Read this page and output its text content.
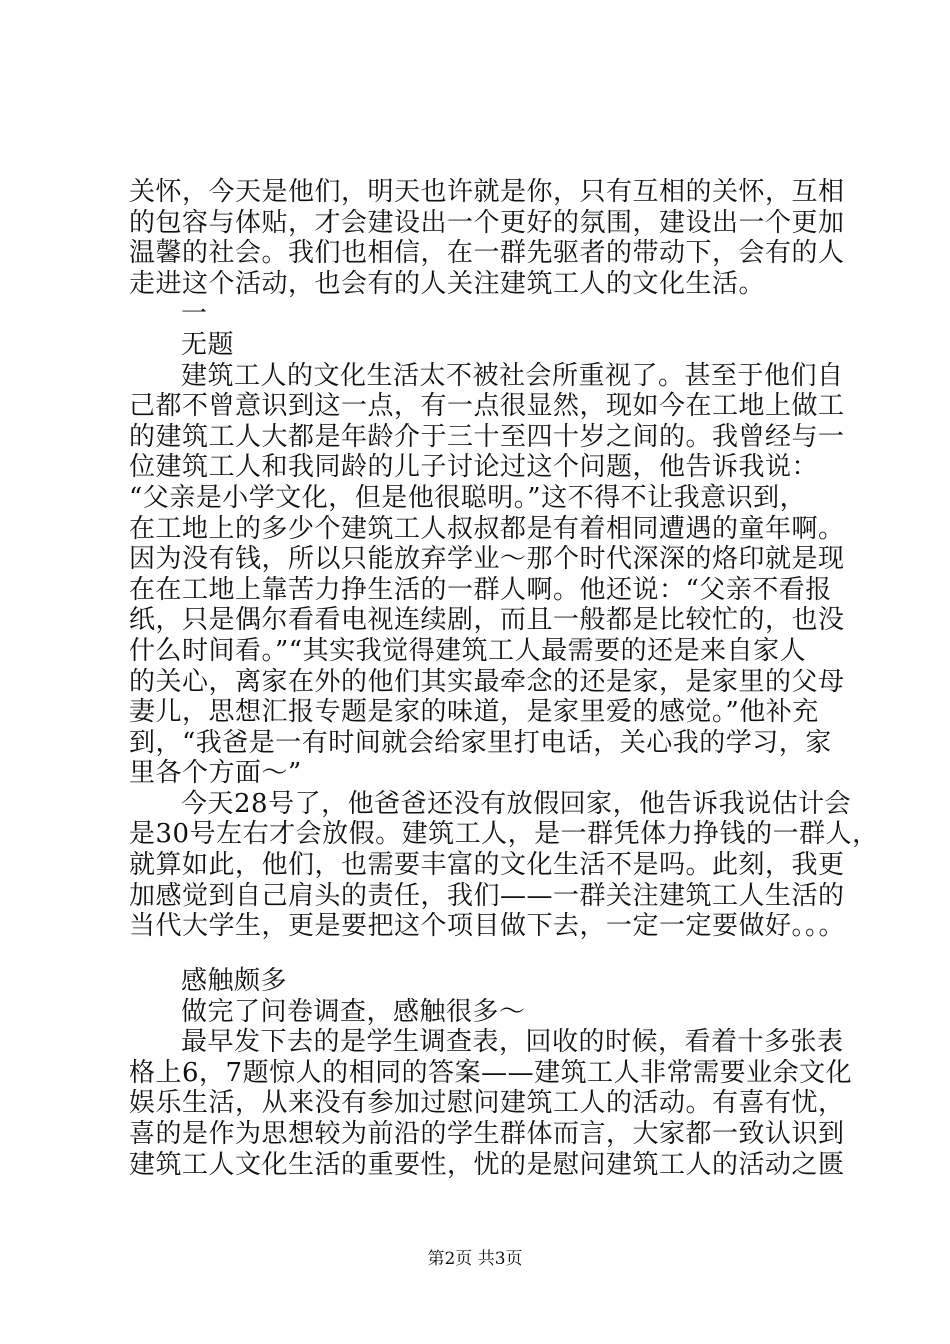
关怀，今天是他们，明天也许就是你，只有互相的关怀，互相
的包容与体贴，才会建设出一个更好的氛围，建设出一个更加
温馨的社会。我们也相信，在一群先驱者的带动下，会有的人
走进这个活动，也会有的人关注建筑工人的文化生活。
一
无题
建筑工人的文化生活太不被社会所重视了。甚至于他们自
己都不曾意识到这一点，有一点很显然，现如今在工地上做工
的建筑工人大都是年龄介于三十至四十岁之间的。我曾经与一
位建筑工人和我同龄的儿子讨论过这个问题，他告诉我说：
“父亲是小学文化，但是他很聪明。”这不得不让我意识到，
在工地上的多少个建筑工人叔叔都是有着相同遭遇的童年啊。
因为没有钱，所以只能放弃学业～那个时代深深的烙印就是现
在在工地上靠苦力挣生活的一群人啊。他还说：“父亲不看报
纸，只是偶尔看看电视连续剧，而且一般都是比较忙的，也没
什么时间看。”“其实我觉得建筑工人最需要的还是来自家人
的关心，离家在外的他们其实最牵念的还是家，是家里的父母
妻儿，思想汇报专题是家的味道，是家里爱的感觉。”他补充
到，“我爸是一有时间就会给家里打电话，关心我的学习，家
里各个方面～”
今天28号了，他爸爸还没有放假回家，他告诉我说估计会
是30号左右才会放假。建筑工人，是一群凭体力挣钱的一群人，
就算如此，他们，也需要丰富的文化生活不是吗。此刻，我更
加感觉到自己肩头的责任，我们——一群关注建筑工人生活的
当代大学生，更是要把这个项目做下去，一定一定要做好。。。
感触颇多
做完了问卷调查，感触很多～
最早发下去的是学生调查表，回收的时候，看着十多张表
格上6，7题惊人的相同的答案——建筑工人非常需要业余文化
娱乐生活，从来没有参加过慰问建筑工人的活动。有喜有忧，
喜的是作为思想较为前沿的学生群体而言，大家都一致认识到
建筑工人文化生活的重要性，忧的是慰问建筑工人的活动之匮
第2页 共3页
